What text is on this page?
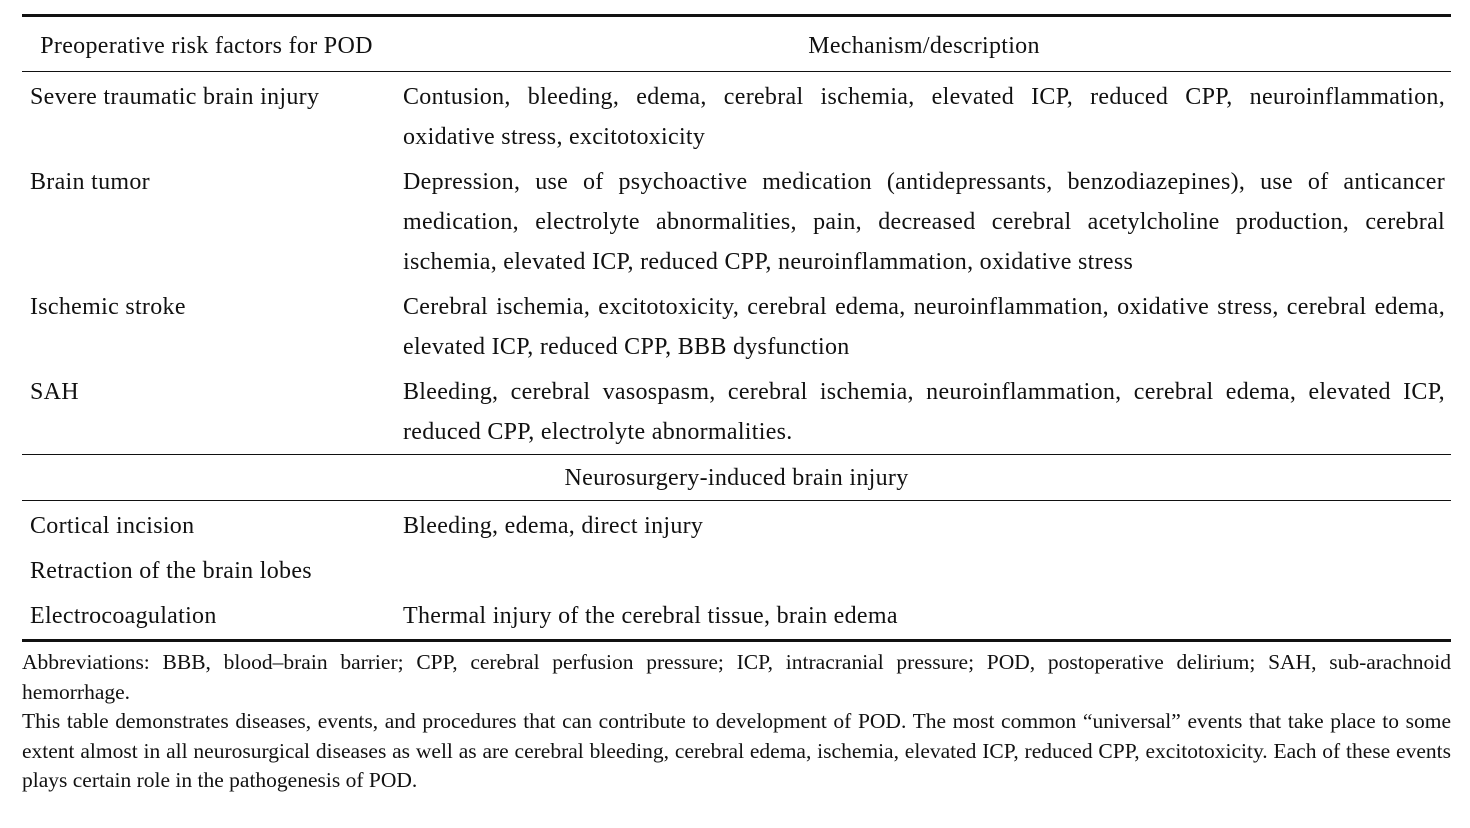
Preoperative risk factors for POD	Mechanism/description
Severe traumatic brain injury	Contusion, bleeding, edema, cerebral ischemia, elevated ICP, reduced CPP, neuroinflammation, oxidative stress, excitotoxicity
Brain tumor	Depression, use of psychoactive medication (antidepressants, benzodiazepines), use of anticancer medication, electrolyte abnormalities, pain, decreased cerebral acetylcholine production, cerebral ischemia, elevated ICP, reduced CPP, neuroinflammation, oxidative stress
Ischemic stroke	Cerebral ischemia, excitotoxicity, cerebral edema, neuroinflammation, oxidative stress, cerebral edema, elevated ICP, reduced CPP, BBB dysfunction
SAH	Bleeding, cerebral vasospasm, cerebral ischemia, neuroinflammation, cerebral edema, elevated ICP, reduced CPP, electrolyte abnormalities.
Neurosurgery-induced brain injury	
Cortical incision	Bleeding, edema, direct injury
Retraction of the brain lobes	
Electrocoagulation	Thermal injury of the cerebral tissue, brain edema

Abbreviations: BBB, blood–brain barrier; CPP, cerebral perfusion pressure; ICP, intracranial pressure; POD, postoperative delirium; SAH, sub-arachnoid hemorrhage.

This table demonstrates diseases, events, and procedures that can contribute to development of POD. The most common “universal” events that take place to some extent almost in all neurosurgical diseases as well as are cerebral bleeding, cerebral edema, ischemia, elevated ICP, reduced CPP, excitotoxicity. Each of these events plays certain role in the pathogenesis of POD.
